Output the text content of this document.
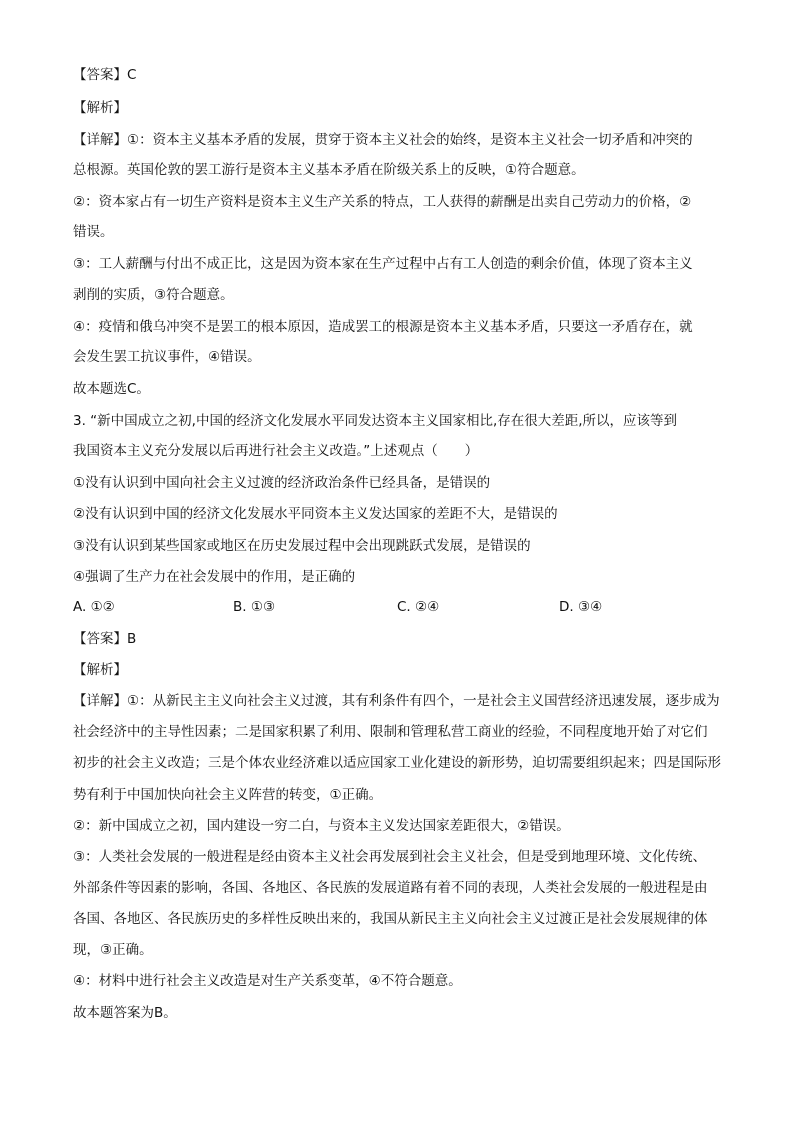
【答案】C
【解析】
【详解】①：资本主义基本矛盾的发展，贯穿于资本主义社会的始终，是资本主义社会一切矛盾和冲突的
总根源。英国伦敦的罢工游行是资本主义基本矛盾在阶级关系上的反映，①符合题意。
②：资本家占有一切生产资料是资本主义生产关系的特点，工人获得的薪酬是出卖自己劳动力的价格，②
错误。
③：工人薪酬与付出不成正比，这是因为资本家在生产过程中占有工人创造的剩余价值，体现了资本主义
剥削的实质，③符合题意。
④：疫情和俄乌冲突不是罢工的根本原因，造成罢工的根源是资本主义基本矛盾，只要这一矛盾存在，就
会发生罢工抗议事件，④错误。
故本题选C。
3. “新中国成立之初,中国的经济文化发展水平同发达资本主义国家相比,存在很大差距,所以，应该等到
我国资本主义充分发展以后再进行社会主义改造。”上述观点（　　）
①没有认识到中国向社会主义过渡的经济政治条件已经具备，是错误的
②没有认识到中国的经济文化发展水平同资本主义发达国家的差距不大，是错误的
③没有认识到某些国家或地区在历史发展过程中会出现跳跃式发展，是错误的
④强调了生产力在社会发展中的作用，是正确的
A. ①②	B. ①③	C. ②④	D. ③④
【答案】B
【解析】
【详解】①：从新民主主义向社会主义过渡，其有利条件有四个，一是社会主义国营经济迅速发展，逐步成为
社会经济中的主导性因素；二是国家积累了利用、限制和管理私营工商业的经验，不同程度地开始了对它们
初步的社会主义改造；三是个体农业经济难以适应国家工业化建设的新形势，迫切需要组织起来；四是国际形
势有利于中国加快向社会主义阵营的转变，①正确。
②：新中国成立之初，国内建设一穷二白，与资本主义发达国家差距很大，②错误。
③：人类社会发展的一般进程是经由资本主义社会再发展到社会主义社会，但是受到地理环境、文化传统、
外部条件等因素的影响，各国、各地区、各民族的发展道路有着不同的表现，人类社会发展的一般进程是由
各国、各地区、各民族历史的多样性反映出来的，我国从新民主主义向社会主义过渡正是社会发展规律的体
现，③正确。
④：材料中进行社会主义改造是对生产关系变革，④不符合题意。
故本题答案为B。
